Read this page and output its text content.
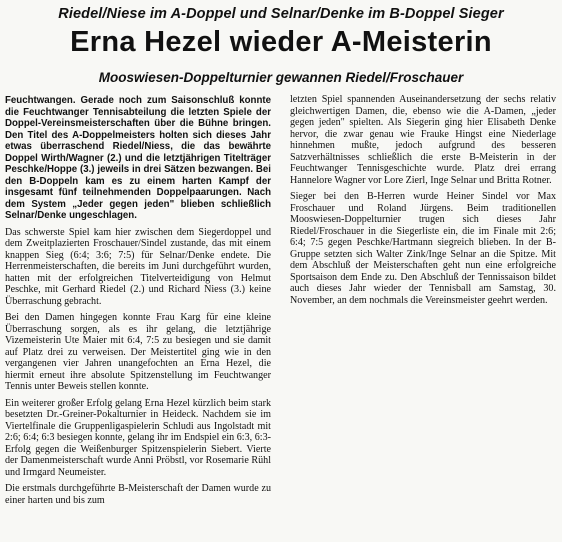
Riedel/Niese im A-Doppel und Selnar/Denke im B-Doppel Sieger
Erna Hezel wieder A-Meisterin
Mooswiesen-Doppelturnier gewannen Riedel/Froschauer

Feuchtwangen. Gerade noch zum Saisonschluß konnte die Feuchtwanger Tennisabteilung die letzten Spiele der Doppel-Vereinsmeisterschaften über die Bühne bringen. Den Titel des A-Doppelmeisters holten sich dieses Jahr etwas überraschend Riedel/Niess, die das bewährte Doppel Wirth/Wagner (2.) und die letztjährigen Titelträger Peschke/Hoppe (3.) jeweils in drei Sätzen bezwangen. Bei den B-Doppeln kam es zu einem harten Kampf der insgesamt fünf teilnehmenden Doppelpaarungen. Nach dem System „Jeder gegen jeden" blieben schließlich Selnar/Denke ungeschlagen.

Das schwerste Spiel kam hier zwischen dem Siegerdoppel und dem Zweitplazierten Froschauer/Sindel zustande, das mit einem knappen Sieg (6:4; 3:6; 7:5) für Selnar/Denke endete. Die Herrenmeisterschaften, die bereits im Juni durchgeführt wurden, hatten mit der erfolgreichen Titelverteidigung von Helmut Peschke, mit Gerhard Riedel (2.) und Richard Niess (3.) keine Überraschung gebracht.

Bei den Damen hingegen konnte Frau Karg für eine kleine Überraschung sorgen, als es ihr gelang, die letztjährige Vizemeisterin Ute Maier mit 6:4, 7:5 zu besiegen und sie damit auf Platz drei zu verweisen. Der Meistertitel ging wie in den vergangenen vier Jahren unangefochten an Erna Hezel, die hiermit erneut ihre absolute Spitzenstellung im Feuchtwanger Tennis unter Beweis stellen konnte.

Ein weiterer großer Erfolg gelang Erna Hezel kürzlich beim stark besetzten Dr.-Greiner-Pokalturnier in Heideck. Nachdem sie im Viertelfinale die Gruppenligaspielerin Schludi aus Ingolstadt mit 2:6; 6:4; 6:3 besiegen konnte, gelang ihr im Endspiel ein 6:3, 6:3-Erfolg gegen die Weißenburger Spitzenspielerin Siebert. Vierte der Damenmeisterschaft wurde Anni Pröbstl, vor Rosemarie Rühl und Irmgard Neumeister.

Die erstmals durchgeführte B-Meisterschaft der Damen wurde zu einer harten und bis zum

letzten Spiel spannenden Auseinandersetzung der sechs relativ gleichwertigen Damen, die, ebenso wie die A-Damen, „jeder gegen jeden" spielten. Als Siegerin ging hier Elisabeth Denke hervor, die zwar genau wie Frauke Hingst eine Niederlage hinnehmen mußte, jedoch aufgrund des besseren Satzverhältnisses schließlich die erste B-Meisterin in der Feuchtwanger Tennisgeschichte wurde. Platz drei errang Hannelore Wagner vor Lore Zierl, Inge Selnar und Britta Rotner.

Sieger bei den B-Herren wurde Heiner Sindel vor Max Froschauer und Roland Jürgens. Beim traditionellen Mooswiesen-Doppelturnier trugen sich dieses Jahr Riedel/Froschauer in die Siegerliste ein, die im Finale mit 2:6; 6:4; 7:5 gegen Peschke/Hartmann siegreich blieben. In der B-Gruppe setzten sich Walter Zink/Inge Selnar an die Spitze. Mit dem Abschluß der Meisterschaften geht nun eine erfolgreiche Sportsaison dem Ende zu. Den Abschluß der Tennissaison bildet auch dieses Jahr wieder der Tennisball am Samstag, 30. November, an dem nochmals die Vereinsmeister geehrt werden.
